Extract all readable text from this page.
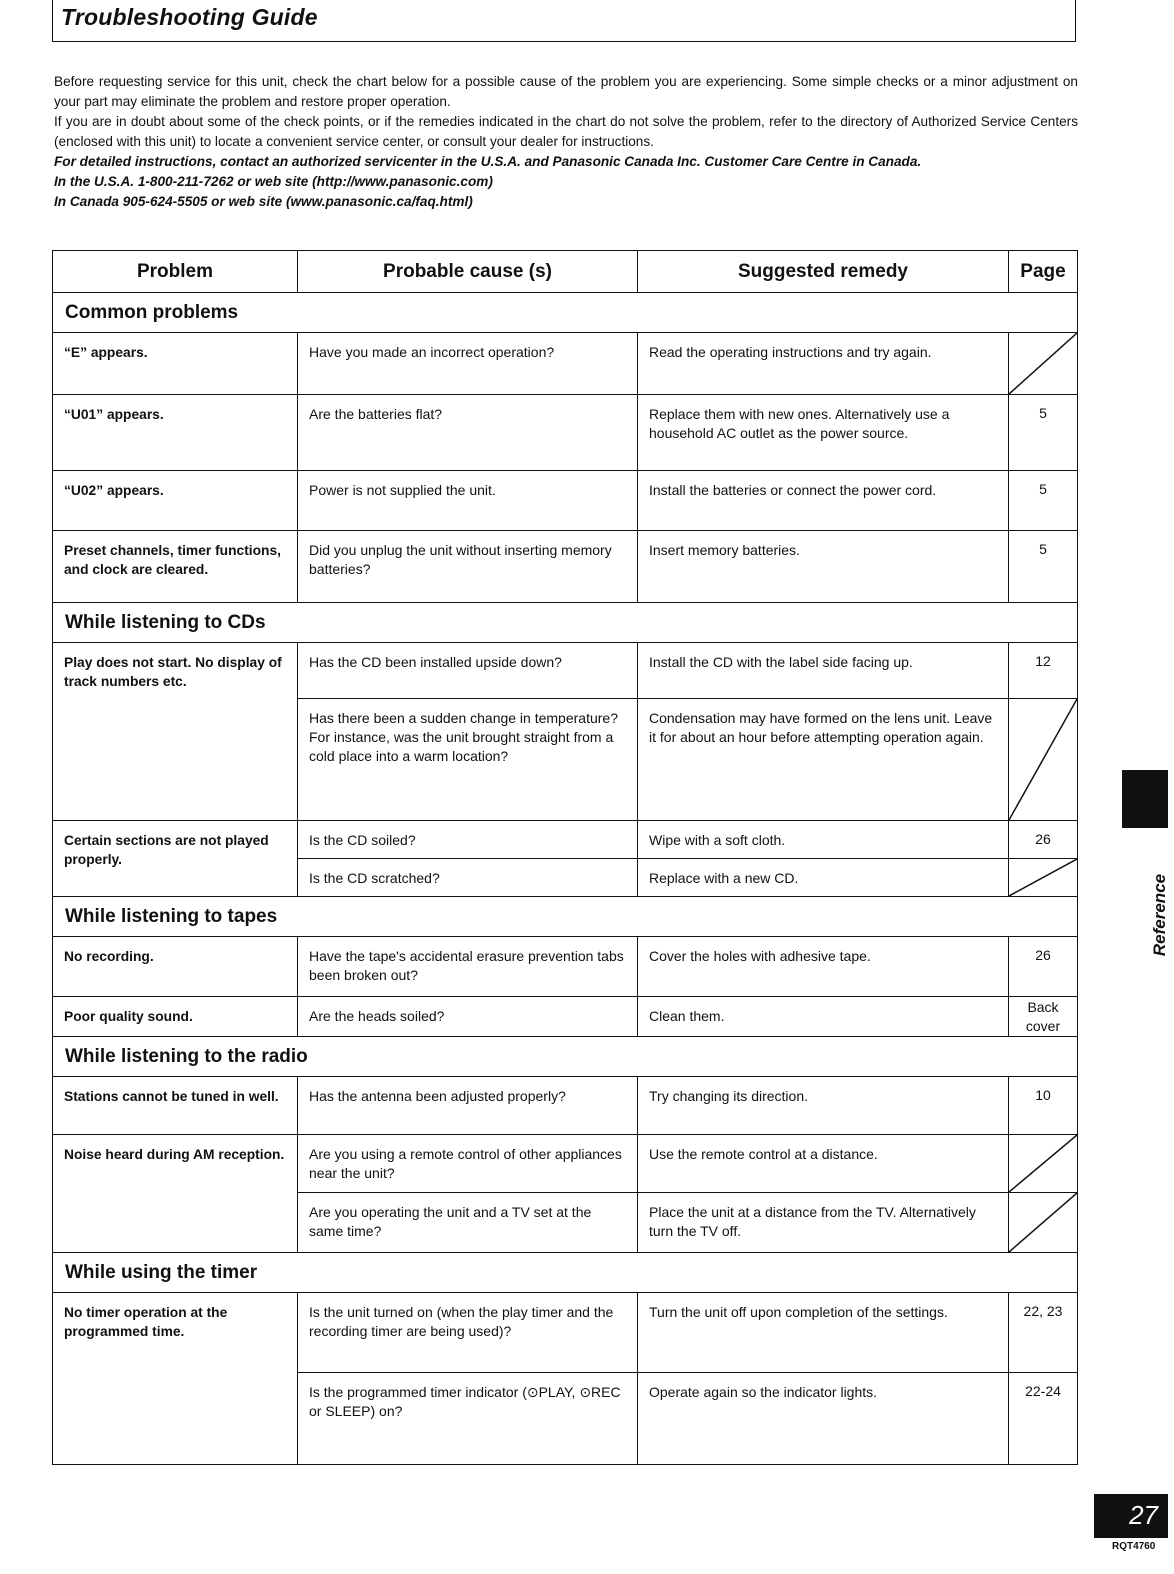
Troubleshooting Guide

Before requesting service for this unit, check the chart below for a possible cause of the problem you are experiencing. Some simple checks or a minor adjustment on your part may eliminate the problem and restore proper operation.

If you are in doubt about some of the check points, or if the remedies indicated in the chart do not solve the problem, refer to the directory of Authorized Service Centers (enclosed with this unit) to locate a convenient service center, or consult your dealer for instructions.

For detailed instructions, contact an authorized servicenter in the U.S.A. and Panasonic Canada Inc. Customer Care Centre in Canada.

In the U.S.A. 1-800-211-7262 or web site (http://www.panasonic.com)

In Canada 905-624-5505 or web site (www.panasonic.ca/faq.html)

Problem	Probable cause (s)	Suggested remedy	Page
Common problems			

“E” appears.	Have you made an incorrect operation?	Read the operating instructions and try again.

“U01” appears.	Are the batteries flat?	Replace them with new ones. Alternatively use a household AC outlet as the power source.	5

“U02” appears.	Power is not supplied the unit.	Install the batteries or connect the power cord.	5

Preset channels, timer functions, and clock are cleared.	Did you unplug the unit without inserting memory batteries?	Insert memory batteries.	5

While listening to CDs			

Play does not start. No display of track numbers etc.	Has the CD been installed upside down?	Install the CD with the label side facing up.	12

	Has there been a sudden change in temperature? For instance, was the unit brought straight from a cold place into a warm location?	Condensation may have formed on the lens unit. Leave it for about an hour before attempting operation again.

Certain sections are not played properly.	Is the CD soiled?	Wipe with a soft cloth.	26

	Is the CD scratched?	Replace with a new CD.

While listening to tapes			

No recording.	Have the tape's accidental erasure prevention tabs been broken out?	Cover the holes with adhesive tape.	26

Poor quality sound.	Are the heads soiled?	Clean them.	Back cover

While listening to the radio			

Stations cannot be tuned in well.	Has the antenna been adjusted properly?	Try changing its direction.	10

Noise heard during AM reception.	Are you using a remote control of other appliances near the unit?	Use the remote control at a distance.

	Are you operating the unit and a TV set at the same time?	Place the unit at a distance from the TV. Alternatively turn the TV off.

While using the timer			

No timer operation at the programmed time.	Is the unit turned on (when the play timer and the recording timer are being used)?	Turn the unit off upon completion of the settings.	22, 23

	Is the programmed timer indicator (⊙PLAY, ⊙REC or SLEEP) on?	Operate again so the indicator lights.	22-24
Reference
27
RQT4760
